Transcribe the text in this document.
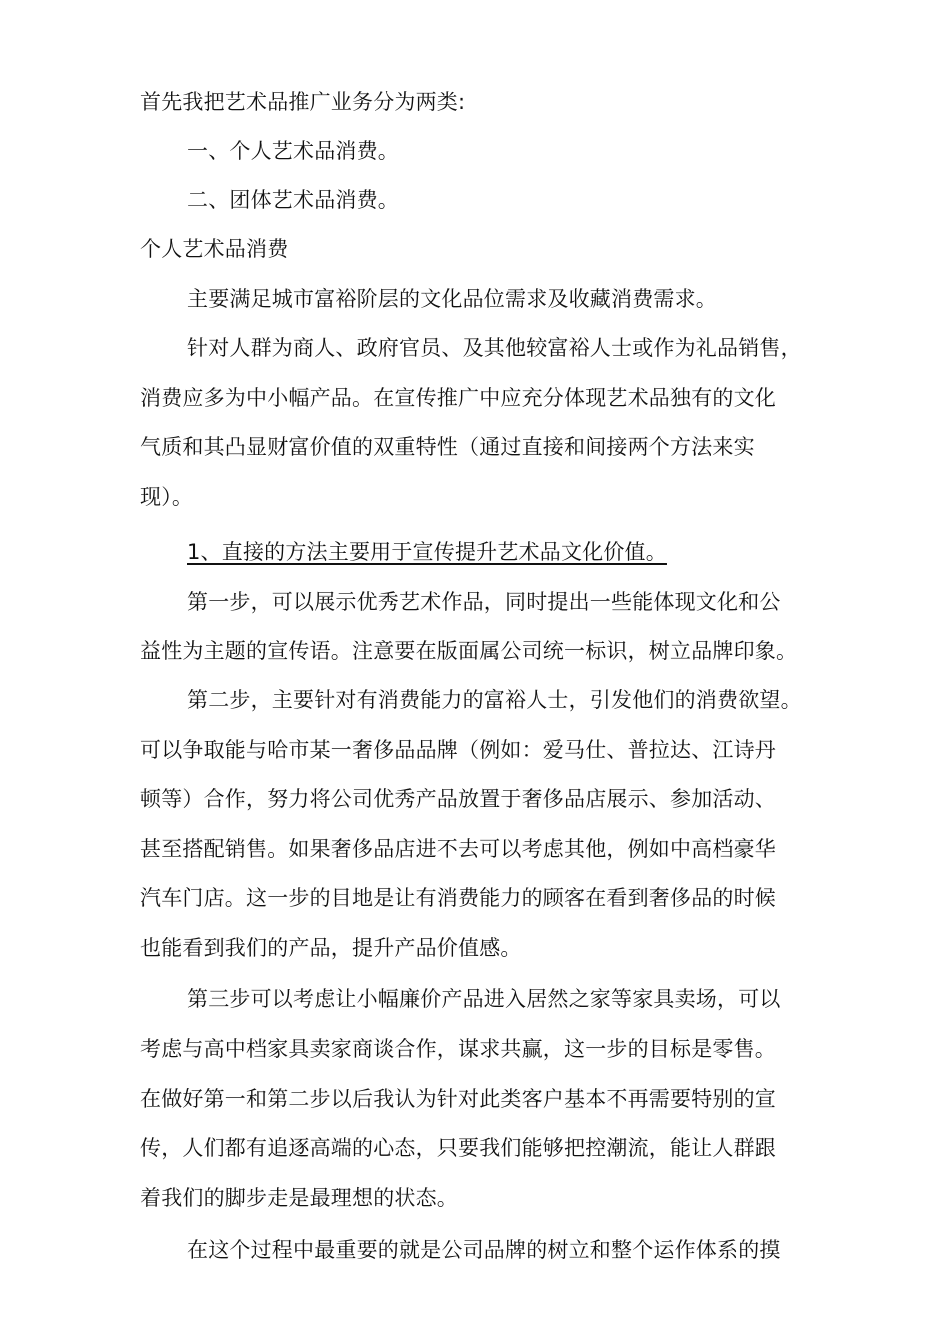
首先我把艺术品推广业务分为两类:
一、个人艺术品消费。
二、团体艺术品消费。
个人艺术品消费
主要满足城市富裕阶层的文化品位需求及收藏消费需求。
针对人群为商人、政府官员、及其他较富裕人士或作为礼品销售，
消费应多为中小幅产品。在宣传推广中应充分体现艺术品独有的文化
气质和其凸显财富价值的双重特性（通过直接和间接两个方法来实
现）。
1、直接的方法主要用于宣传提升艺术品文化价值。
第一步，可以展示优秀艺术作品，同时提出一些能体现文化和公
益性为主题的宣传语。注意要在版面属公司统一标识，树立品牌印象。
第二步，主要针对有消费能力的富裕人士，引发他们的消费欲望。
可以争取能与哈市某一奢侈品品牌（例如：爱马仕、普拉达、江诗丹
顿等）合作，努力将公司优秀产品放置于奢侈品店展示、参加活动、
甚至搭配销售。如果奢侈品店进不去可以考虑其他，例如中高档豪华
汽车门店。这一步的目地是让有消费能力的顾客在看到奢侈品的时候
也能看到我们的产品，提升产品价值感。
第三步可以考虑让小幅廉价产品进入居然之家等家具卖场，可以
考虑与高中档家具卖家商谈合作，谋求共赢，这一步的目标是零售。
在做好第一和第二步以后我认为针对此类客户基本不再需要特别的宣
传，人们都有追逐高端的心态，只要我们能够把控潮流，能让人群跟
着我们的脚步走是最理想的状态。
在这个过程中最重要的就是公司品牌的树立和整个运作体系的摸
